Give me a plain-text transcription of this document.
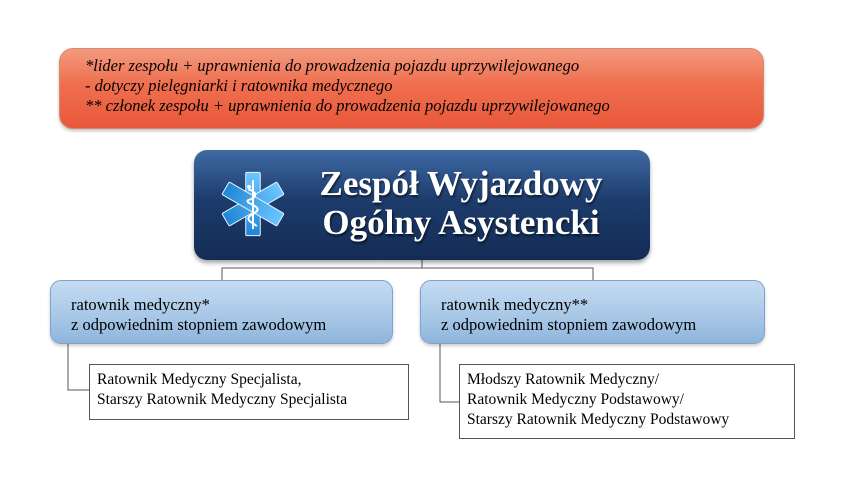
*lider zespołu + uprawnienia do prowadzenia pojazdu uprzywilejowanego
- dotyczy pielęgniarki i ratownika medycznego
** członek zespołu + uprawnienia do prowadzenia pojazdu uprzywilejowanego
Zespół Wyjazdowy
Ogólny Asystencki
ratownik medyczny*
z odpowiednim stopniem zawodowym
ratownik medyczny**
z odpowiednim stopniem zawodowym
Ratownik Medyczny Specjalista,
Starszy Ratownik Medyczny Specjalista
Młodszy Ratownik Medyczny/
Ratownik Medyczny Podstawowy/
Starszy Ratownik Medyczny Podstawowy
